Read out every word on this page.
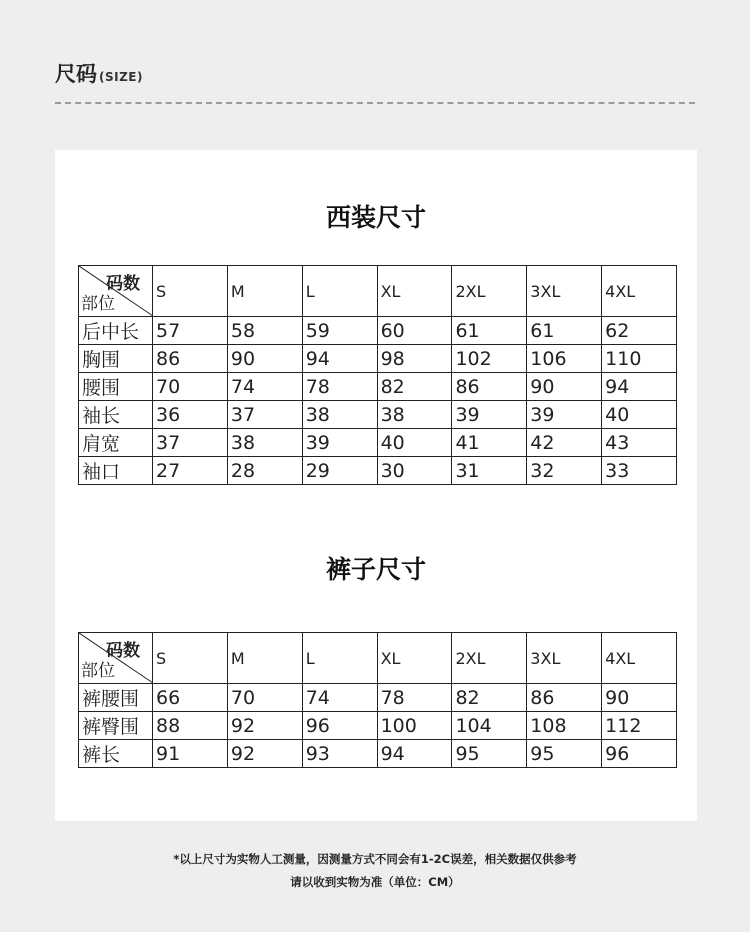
尺码 (SIZE)
西装尺寸
码数
部位	S	M	L	XL	2XL	3XL	4XL
后中长	57	58	59	60	61	61	62
胸围	86	90	94	98	102	106	110
腰围	70	74	78	82	86	90	94
袖长	36	37	38	38	39	39	40
肩宽	37	38	39	40	41	42	43
袖口	27	28	29	30	31	32	33
裤子尺寸
码数
部位	S	M	L	XL	2XL	3XL	4XL
裤腰围	66	70	74	78	82	86	90
裤臀围	88	92	96	100	104	108	112
裤长	91	92	93	94	95	95	96
*以上尺寸为实物人工测量，因测量方式不同会有1-2C误差，相关数据仅供参考
请以收到实物为准（单位：CM）
